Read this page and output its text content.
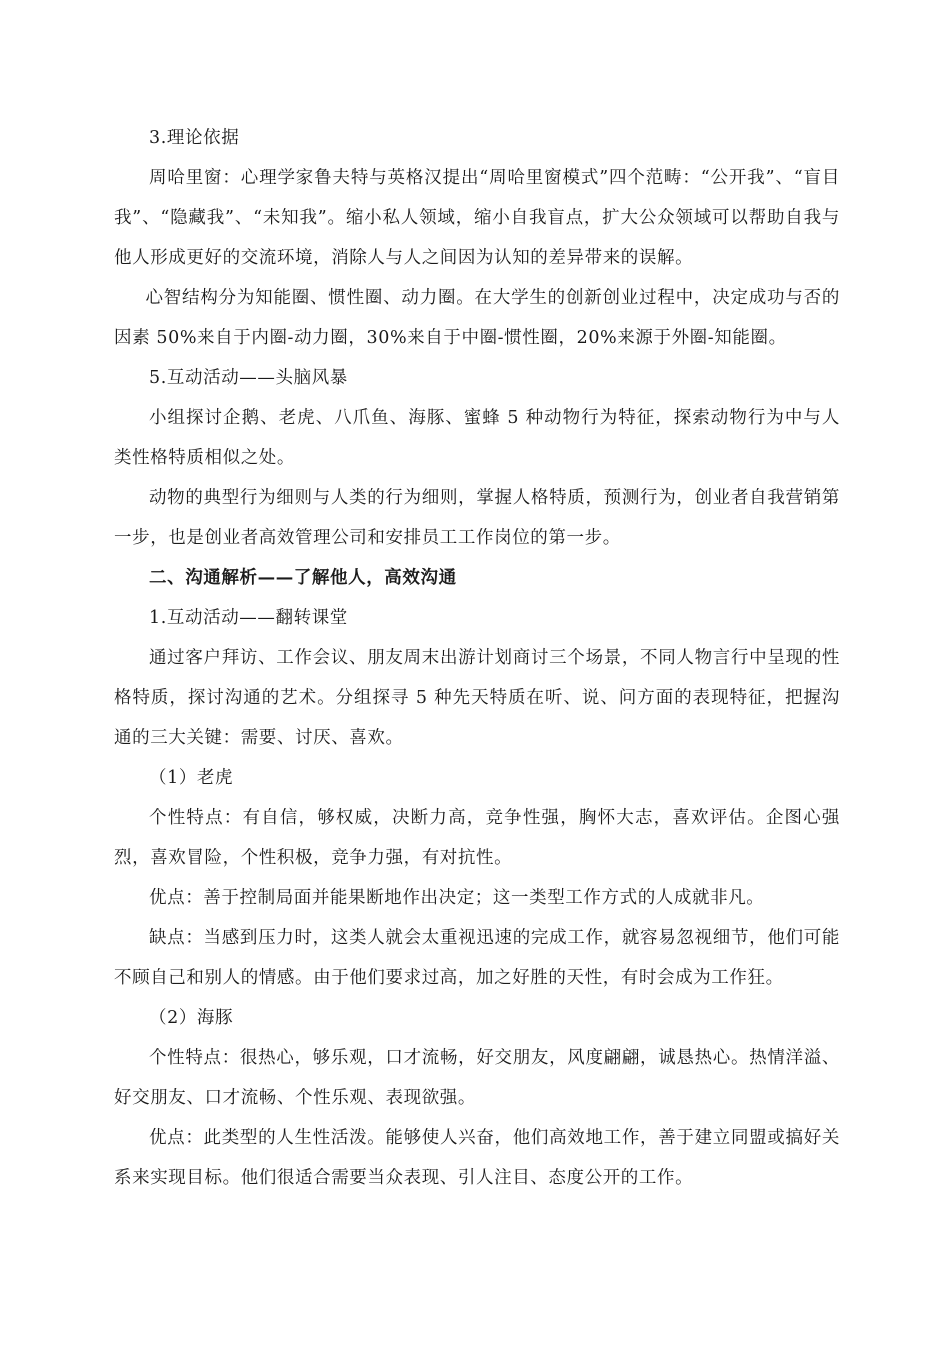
3.理论依据

周哈里窗：心理学家鲁夫特与英格汉提出“周哈里窗模式”四个范畴：“公开我”、“盲目我”、“隐藏我”、“未知我”。缩小私人领域，缩小自我盲点，扩大公众领域可以帮助自我与他人形成更好的交流环境，消除人与人之间因为认知的差异带来的误解。

心智结构分为知能圈、惯性圈、动力圈。在大学生的创新创业过程中，决定成功与否的因素 50%来自于内圈-动力圈，30%来自于中圈-惯性圈，20%来源于外圈-知能圈。

5.互动活动——头脑风暴

小组探讨企鹅、老虎、八爪鱼、海豚、蜜蜂 5 种动物行为特征，探索动物行为中与人类性格特质相似之处。

动物的典型行为细则与人类的行为细则，掌握人格特质，预测行为，创业者自我营销第一步，也是创业者高效管理公司和安排员工工作岗位的第一步。

二、沟通解析——了解他人，高效沟通

1.互动活动——翻转课堂

通过客户拜访、工作会议、朋友周末出游计划商讨三个场景，不同人物言行中呈现的性格特质，探讨沟通的艺术。分组探寻 5 种先天特质在听、说、问方面的表现特征，把握沟通的三大关键：需要、讨厌、喜欢。

（1）老虎

个性特点：有自信，够权威，决断力高，竞争性强，胸怀大志，喜欢评估。企图心强烈，喜欢冒险，个性积极，竞争力强，有对抗性。

优点：善于控制局面并能果断地作出决定；这一类型工作方式的人成就非凡。

缺点：当感到压力时，这类人就会太重视迅速的完成工作，就容易忽视细节，他们可能不顾自己和别人的情感。由于他们要求过高，加之好胜的天性，有时会成为工作狂。

（2）海豚

个性特点：很热心，够乐观，口才流畅，好交朋友，风度翩翩，诚恳热心。热情洋溢、好交朋友、口才流畅、个性乐观、表现欲强。

优点：此类型的人生性活泼。能够使人兴奋，他们高效地工作，善于建立同盟或搞好关系来实现目标。他们很适合需要当众表现、引人注目、态度公开的工作。
